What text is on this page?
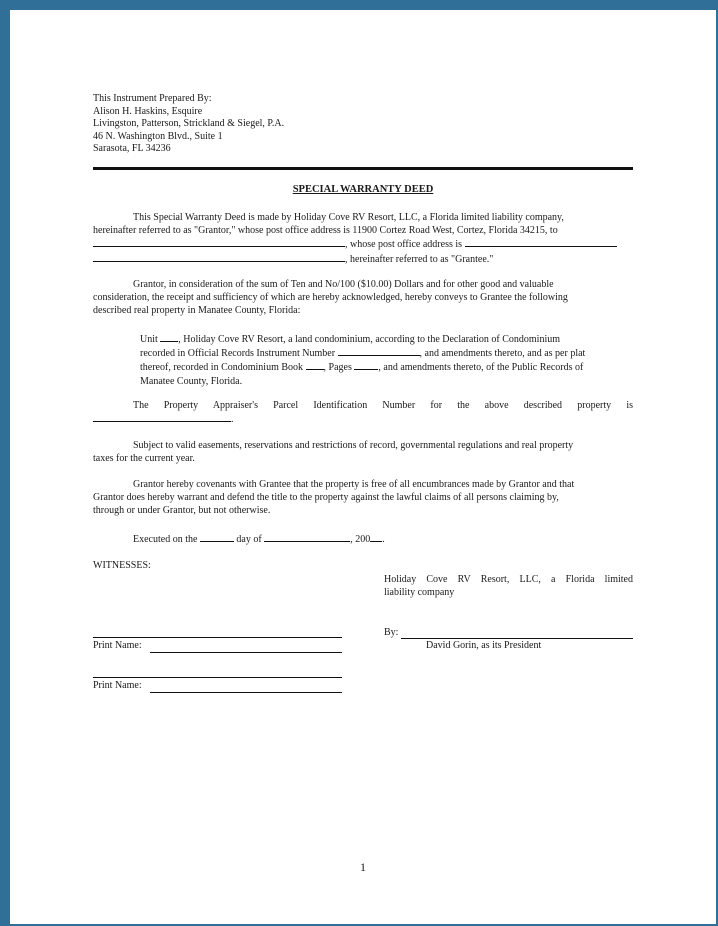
This Instrument Prepared By:
Alison H. Haskins, Esquire
Livingston, Patterson, Strickland & Siegel, P.A.
46 N. Washington Blvd., Suite 1
Sarasota, FL 34236
SPECIAL WARRANTY DEED
This Special Warranty Deed is made by Holiday Cove RV Resort, LLC, a Florida limited liability company,
hereinafter referred to as "Grantor," whose post office address is 11900 Cortez Road West, Cortez, Florida 34215, to
, whose post office address is
, hereinafter referred to as "Grantee."
Grantor, in consideration of the sum of Ten and No/100 ($10.00) Dollars and for other good and valuable
consideration, the receipt and sufficiency of which are hereby acknowledged, hereby conveys to Grantee the following
described real property in Manatee County, Florida:
Unit , Holiday Cove RV Resort, a land condominium, according to the Declaration of Condominium
recorded in Official Records Instrument Number	, and amendments thereto, and as per plat
thereof, recorded in Condominium Book , Pages	, and amendments thereto, of the Public Records of
Manatee County, Florida.
The Property Appraiser's Parcel Identification Number for the above described property is
.
Subject to valid easements, reservations and restrictions of record, governmental regulations and real property
taxes for the current year.
Grantor hereby covenants with Grantee that the property is free of all encumbrances made by Grantor and that
Grantor does hereby warrant and defend the title to the property against the lawful claims of all persons claiming by,
through or under Grantor, but not otherwise.
Executed on the	day of	, 200 .
WITNESSES:
Holiday Cove RV Resort, LLC, a Florida limited
liability company
Print Name:
By:
David Gorin, as its President
Print Name:
1
